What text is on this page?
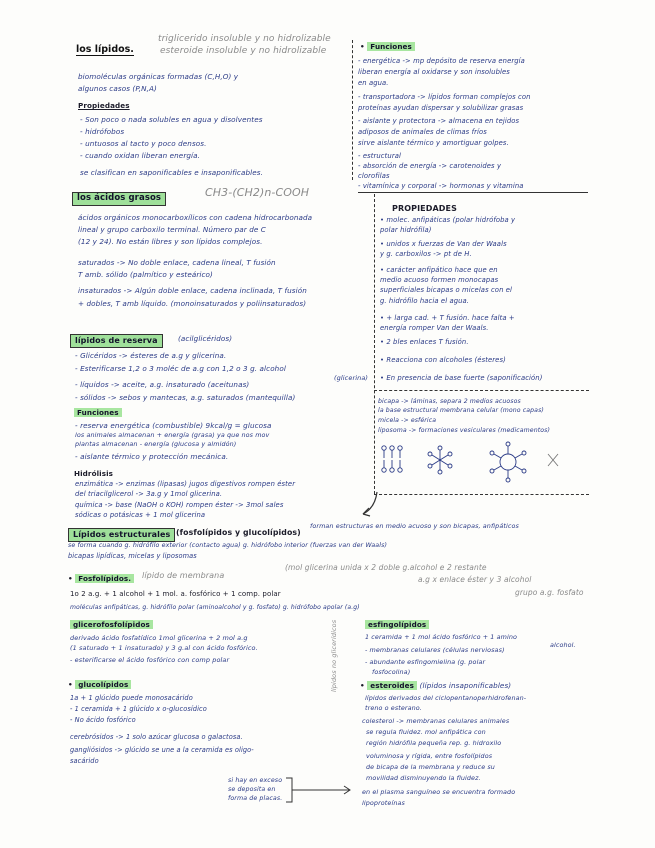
los lípidos.
triglicerido insoluble y no hidrolizable
esteroide insoluble y no hidrolizable
biomoléculas orgánicas formadas (C,H,O) y
algunos casos (P,N,A)
Propiedades
- Son poco o nada solubles en agua y disolventes
- hidrófobos
- untuosos al tacto y poco densos.
- cuando oxidan liberan energía.
se clasifican en saponificables e insaponificables.
los ácidos grasos	CH3-(CH2)n-COOH
ácidos orgánicos monocarboxílicos con cadena hidrocarbonada
lineal y grupo carboxilo terminal. Número par de C
(12 y 24). No están libres y son lípidos complejos.
saturados -> No doble enlace, cadena lineal, T fusión
T amb. sólido (palmítico y esteárico)
insaturados -> Algún doble enlace, cadena inclinada, T fusión
+ dobles, T amb líquido. (monoinsaturados y poliinsaturados)
lípidos de reserva	(acilglicéridos)
- Glicéridos -> ésteres de a.g y glicerina.
- Esterificarse 1,2 o 3 moléc de a.g con 1,2 o 3 g. alcohol
(glicerina)
- líquidos -> aceite, a.g. insaturado (aceitunas)
- sólidos -> sebos y mantecas, a.g. saturados (mantequilla)
Funciones
- reserva energética (combustible) 9kcal/g = glucosa
los animales almacenan + energía (grasa) ya que nos mov
plantas almacenan - energía (glucosa y almidón)
- aislante térmico y protección mecánica.
Hidrólisis
enzimática -> enzimas (lipasas) jugos digestivos rompen éster
del triacilglicerol -> 3a.g y 1mol glicerina.
química -> base (NaOH o KOH) rompen éster -> 3mol sales
sódicas o potásicas + 1 mol glicerina
• Funciones
- energética -> mp depósito de reserva energía
liberan energía al oxidarse y son insolubles
en agua.
- transportadora -> lípidos forman complejos con
proteínas ayudan dispersar y solubilizar grasas
- aislante y protectora -> almacena en tejidos
adiposos de animales de climas fríos
sirve aislante térmico y amortiguar golpes.
- estructural
- absorción de energía -> carotenoides y
clorofilas
- vitamínica y corporal -> hormonas y vitamina
PROPIEDADES
• molec. anfipáticas (polar hidrófoba y
polar hidrófila)
• unidos x fuerzas de Van der Waals
y g. carboxilos -> pt de H.
• carácter anfipático hace que en
medio acuoso formen monocapas
superficiales bicapas o micelas con el
g. hidrófilo hacia el agua.
• + larga cad. + T fusión. hace falta +
energía romper Van der Waals.
• 2 bles enlaces T fusión.
• Reacciona con alcoholes (ésteres)
• En presencia de base fuerte (saponificación)
bicapa -> láminas, separa 2 medios acuosos
la base estructural membrana celular (mono capas)
micela -> esférica
liposoma -> formaciones vesiculares (medicamentos)
Lípidos estructurales (fosfolípidos y glucolípidos)
forman estructuras en medio acuoso y son bicapas, anfipáticos
se forma cuando g. hidrófilo exterior (contacto agua) g. hidrófobo interior (fuerzas van der Waals)
bicapas lipídicas, micelas y liposomas
• Fosfolípidos.	lípido de membrana
(mol glicerina unida x 2 doble g.alcohol e 2 restante
a.g x enlace éster y 3 alcohol
grupo a.g. fosfato
1o 2 a.g. + 1 alcohol + 1 mol. a. fosfórico + 1 comp. polar
moléculas anfipáticas, g. hidrófilo polar (aminoalcohol y g. fosfato) g. hidrófobo apolar (a.g)
glicerofosfolípidos
derivado ácido fosfatídico 1mol glicerina + 2 mol a.g
(1 saturado + 1 insaturado) y 3 g.al con ácido fosfórico.
- esterificarse el ácido fosfórico con comp polar
esfingolípidos
1 ceramida + 1 mol ácido fosfórico + 1 amino
alcohol.
- membranas celulares (células nerviosas)
- abundante esfingomielina (g. polar
fosfocolina)
• glucolípidos
1a + 1 glúcido puede monosacárido
- 1 ceramida + 1 glúcido x o-glucosídico
- No ácido fosfórico
cerebrósidos -> 1 solo azúcar glucosa o galactosa.
gangliósidos -> glúcido se une a la ceramida es oligo-
sacárido
si hay en exceso
se deposita en
forma de placas.
lípidos no glicerídicos	• esteroides (lípidos insaponificables)
lípidos derivados del ciclopentanoperhidrofenan-
treno o esterano.
colesterol -> membranas celulares animales
se regula fluidez. mol anfipática con
región hidrófila pequeña rep. g. hidroxilo
voluminosa y rígida, entre fosfolípidos
de bicapa de la membrana y reduce su
movilidad disminuyendo la fluidez.
en el plasma sanguíneo se encuentra formado
lipoproteínas
